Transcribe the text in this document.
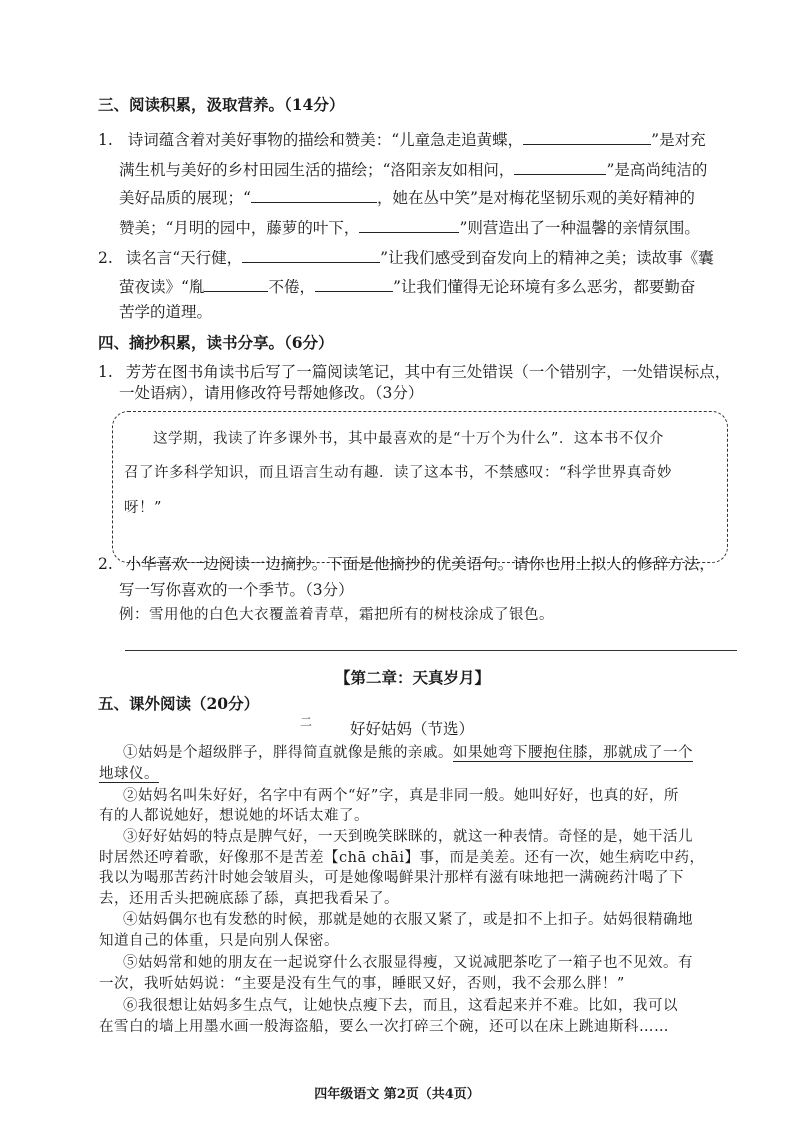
三、阅读积累，汲取营养。（14分）
1. 诗词蕴含着对美好事物的描绘和赞美：“儿童急走追黄蝶，	”是对充
满生机与美好的乡村田园生活的描绘；“洛阳亲友如相问，	”是高尚纯洁的
美好品质的展现；“	，她在丛中笑”是对梅花坚韧乐观的美好精神的
赞美；“月明的园中，藤萝的叶下，	”则营造出了一种温馨的亲情氛围。
2. 读名言“天行健，	”让我们感受到奋发向上的精神之美；读故事《囊
萤夜读》“胤	不倦，	”让我们懂得无论环境有多么恶劣，都要勤奋
苦学的道理。
四、摘抄积累，读书分享。（6分）
1. 芳芳在图书角读书后写了一篇阅读笔记，其中有三处错误（一个错别字，一处错误标点，
一处语病），请用修改符号帮她修改。（3分）
这学期，我读了许多课外书，其中最喜欢的是“十万个为什么”．这本书不仅介
召了许多科学知识，而且语言生动有趣．读了这本书，不禁感叹：“科学世界真奇妙
呀！”
2. 小华喜欢一边阅读一边摘抄。下面是他摘抄的优美语句。请你也用上拟人的修辞方法，
写一写你喜欢的一个季节。（3分）
例：雪用他的白色大衣覆盖着青草，霜把所有的树枝涂成了银色。
【第二章：天真岁月】
五、课外阅读（20分）
二 好好姑妈（节选）
①姑妈是个超级胖子，胖得简直就像是熊的亲戚。如果她弯下腰抱住膝，那就成了一个
地球仪。
②姑妈名叫朱好好，名字中有两个“好”字，真是非同一般。她叫好好，也真的好，所
有的人都说她好，想说她的坏话太难了。
③好好姑妈的特点是脾气好，一天到晚笑眯眯的，就这一种表情。奇怪的是，她干活儿
时居然还哼着歌，好像那不是苦差【chā chāi】事，而是美差。还有一次，她生病吃中药，
我以为喝那苦药汁时她会皱眉头，可是她像喝鲜果汁那样有滋有味地把一满碗药汁喝了下
去，还用舌头把碗底舔了舔，真把我看呆了。
④姑妈偶尔也有发愁的时候，那就是她的衣服又紧了，或是扣不上扣子。姑妈很精确地
知道自己的体重，只是向别人保密。
⑤姑妈常和她的朋友在一起说穿什么衣服显得瘦，又说减肥茶吃了一箱子也不见效。有
一次，我听姑妈说：“主要是没有生气的事，睡眠又好，否则，我不会那么胖！”
⑥我很想让姑妈多生点气，让她快点瘦下去，而且，这看起来并不难。比如，我可以
在雪白的墙上用墨水画一般海盗船，要么一次打碎三个碗，还可以在床上跳迪斯科……
四年级语文 第2页（共4页）
